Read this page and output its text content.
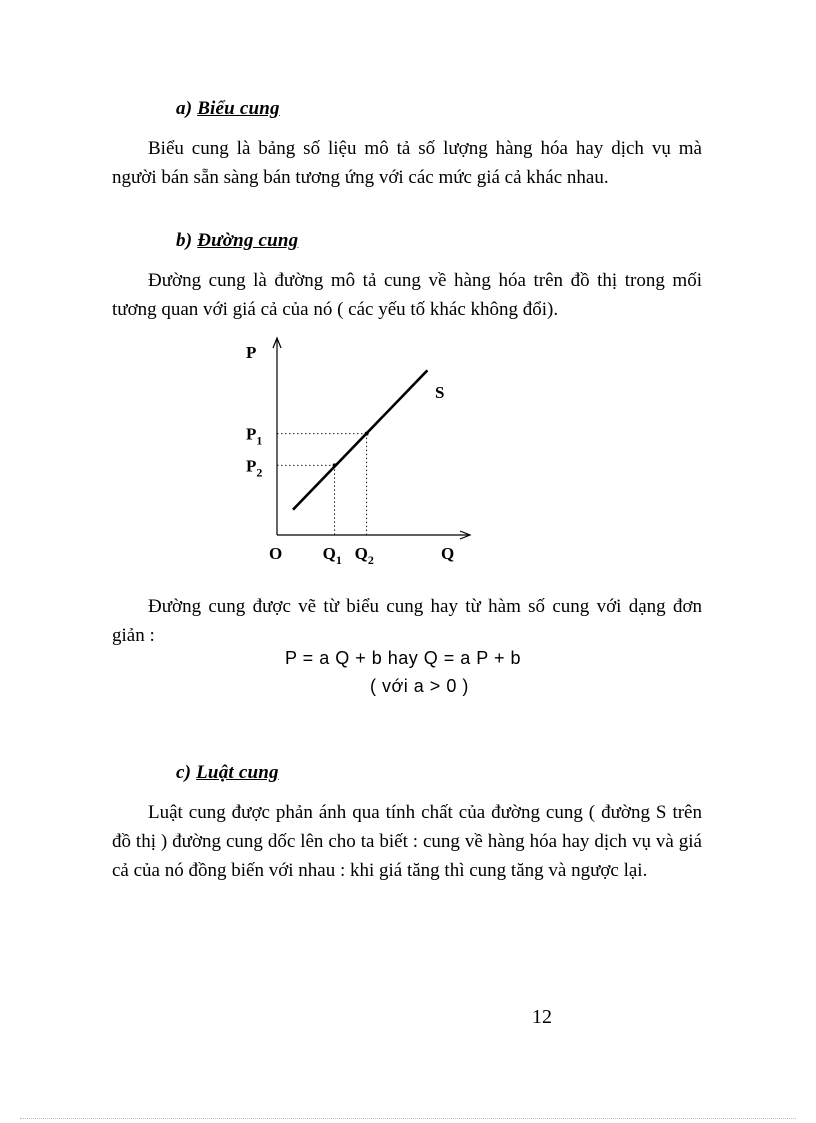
a) Biểu cung
Biểu cung là bảng số liệu mô tả số lượng hàng hóa hay dịch vụ mà người bán sẵn sàng bán tương ứng với các mức giá cả khác nhau.
b) Đường cung
Đường cung là đường mô tả cung về hàng hóa trên đồ thị trong mối tương quan với giá cả của nó ( các yếu tố khác không đổi).
P
S
$P_1$
$P_2$
O $Q_1$ $Q_2$	Q
Đường cung được vẽ từ biểu cung hay từ hàm số cung với dạng đơn giản :
P = a Q + b hay Q = a P + b
( với a > 0 )
c) Luật cung
Luật cung được phản ánh qua tính chất của đường cung ( đường S trên đồ thị ) đường cung dốc lên cho ta biết : cung về hàng hóa hay dịch vụ và giá cả của nó đồng biến với nhau : khi giá tăng thì cung tăng và ngược lại.
12
